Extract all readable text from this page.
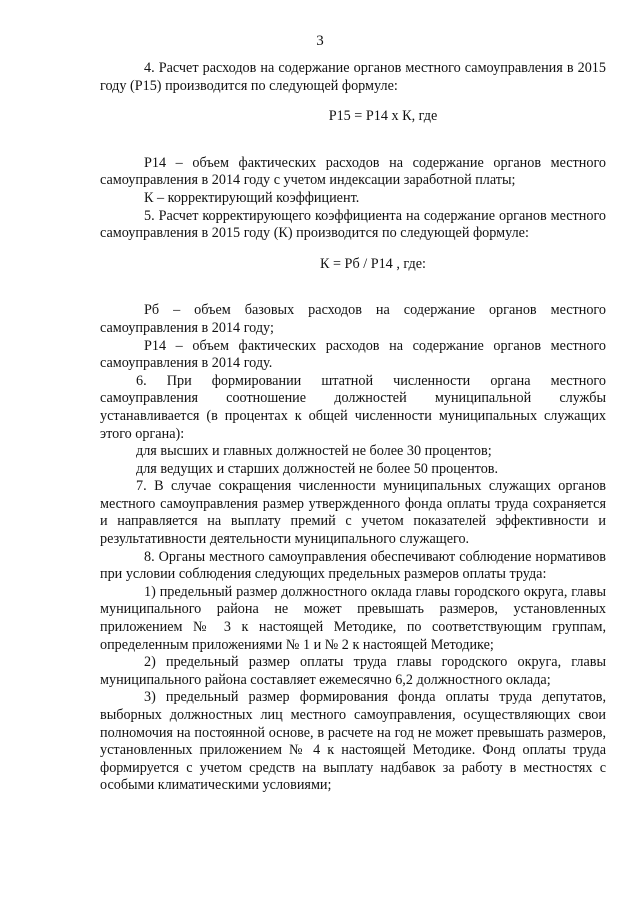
3

4. Расчет расходов на содержание органов местного самоуправления в 2015 году (Р15) производится по следующей формуле:

Р15 = Р14 х К, где

Р14 – объем фактических расходов на содержание органов местного самоуправления в 2014 году с учетом индексации заработной платы;

К – корректирующий коэффициент.

5. Расчет корректирующего коэффициента на содержание органов местного самоуправления в 2015 году (К) производится по следующей формуле:

К = Рб / Р14 , где:

Рб – объем базовых расходов на содержание органов местного самоуправления в 2014 году;

Р14 – объем фактических расходов на содержание органов местного самоуправления в 2014 году.

6. При формировании штатной численности органа местного самоуправления соотношение должностей муниципальной службы устанавливается (в процентах к общей численности муниципальных служащих этого органа):

для высших и главных должностей не более 30 процентов;

для ведущих и старших должностей не более 50 процентов.

7. В случае сокращения численности муниципальных служащих органов местного самоуправления размер утвержденного фонда оплаты труда сохраняется и направляется на выплату премий с учетом показателей эффективности и результативности деятельности муниципального служащего.

8. Органы местного самоуправления обеспечивают соблюдение нормативов при условии соблюдения следующих предельных размеров оплаты труда:

1) предельный размер должностного оклада главы городского округа, главы муниципального района не может превышать размеров, установленных приложением № 3 к настоящей Методике, по соответствующим группам, определенным приложениями № 1 и № 2 к настоящей Методике;

2) предельный размер оплаты труда главы городского округа, главы муниципального района составляет ежемесячно 6,2 должностного оклада;

3) предельный размер формирования фонда оплаты труда депутатов, выборных должностных лиц местного самоуправления, осуществляющих свои полномочия на постоянной основе, в расчете на год не может превышать размеров, установленных приложением № 4 к настоящей Методике. Фонд оплаты труда формируется с учетом средств на выплату надбавок за работу в местностях с особыми климатическими условиями;
